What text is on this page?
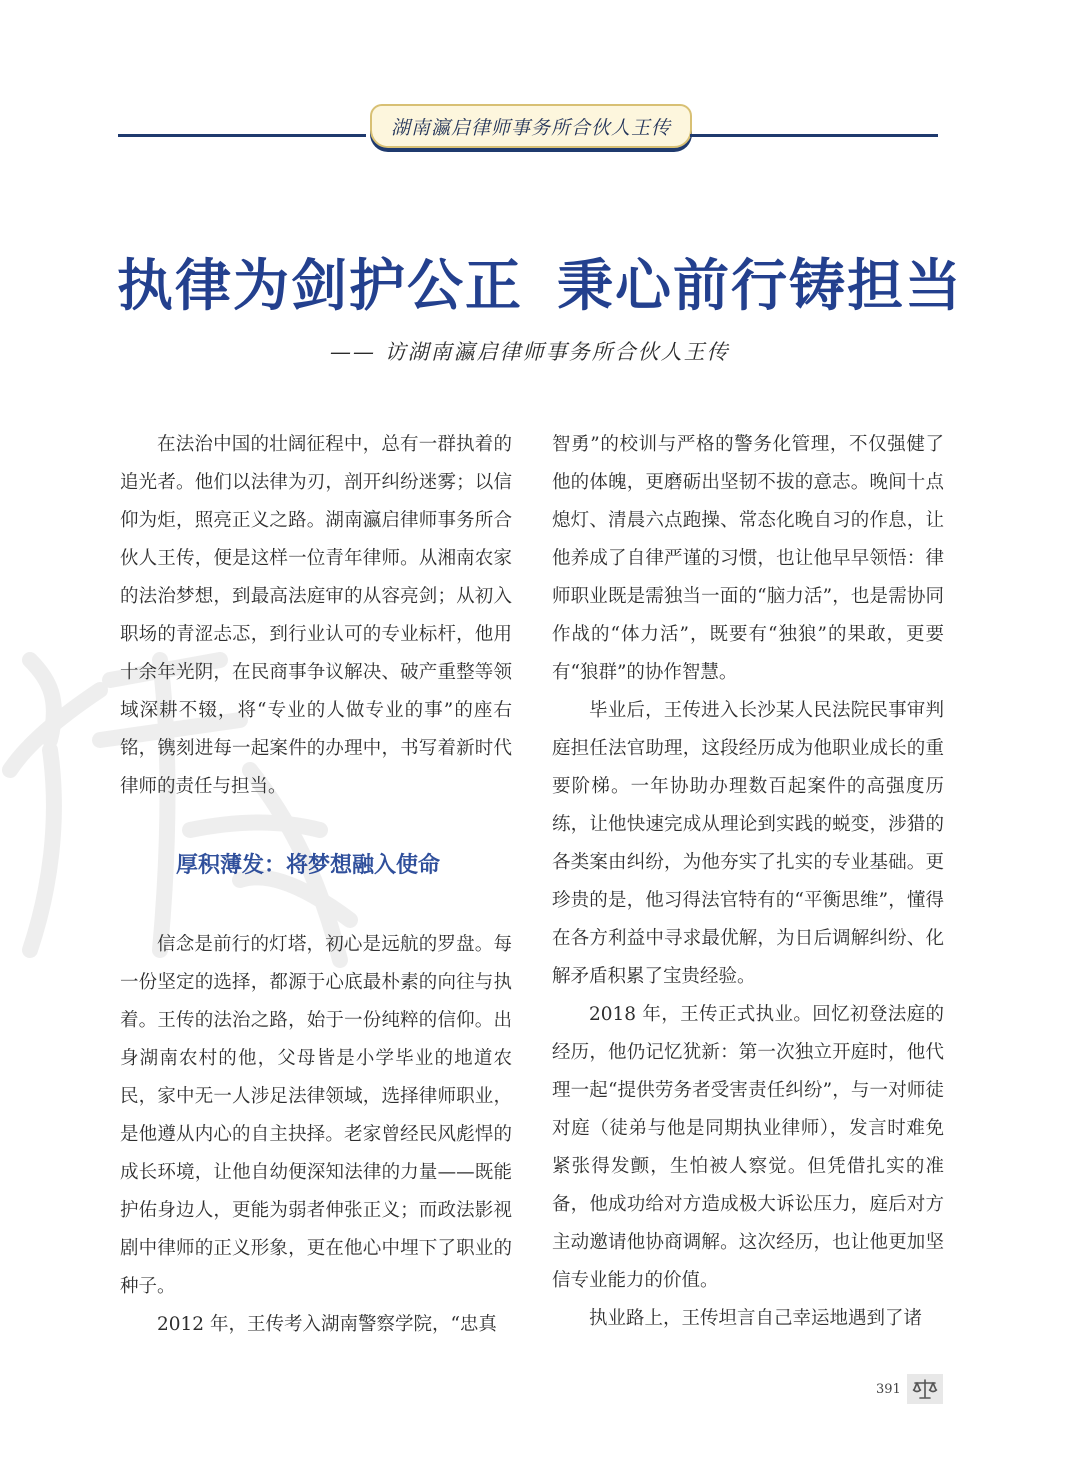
湖南瀛启律师事务所合伙人王传
执律为剑护公正 秉心前行铸担当
—— 访湖南瀛启律师事务所合伙人王传

在法治中国的壮阔征程中，总有一群执着的追光者。他们以法律为刃，剖开纠纷迷雾；以信仰为炬，照亮正义之路。湖南瀛启律师事务所合伙人王传，便是这样一位青年律师。从湘南农家的法治梦想，到最高法庭审的从容亮剑；从初入职场的青涩忐忑，到行业认可的专业标杆，他用十余年光阴，在民商事争议解决、破产重整等领域深耕不辍，将“专业的人做专业的事”的座右铭，镌刻进每一起案件的办理中，书写着新时代律师的责任与担当。

厚积薄发：将梦想融入使命

信念是前行的灯塔，初心是远航的罗盘。每一份坚定的选择，都源于心底最朴素的向往与执着。王传的法治之路，始于一份纯粹的信仰。出身湖南农村的他，父母皆是小学毕业的地道农民，家中无一人涉足法律领域，选择律师职业，是他遵从内心的自主抉择。老家曾经民风彪悍的成长环境，让他自幼便深知法律的力量——既能护佑身边人，更能为弱者伸张正义；而政法影视剧中律师的正义形象，更在他心中埋下了职业的种子。

2012 年，王传考入湖南警察学院，“忠真

智勇”的校训与严格的警务化管理，不仅强健了他的体魄，更磨砺出坚韧不拔的意志。晚间十点熄灯、清晨六点跑操、常态化晚自习的作息，让他养成了自律严谨的习惯，也让他早早领悟：律师职业既是需独当一面的“脑力活”，也是需协同作战的“体力活”，既要有“独狼”的果敢，更要有“狼群”的协作智慧。

毕业后，王传进入长沙某人民法院民事审判庭担任法官助理，这段经历成为他职业成长的重要阶梯。一年协助办理数百起案件的高强度历练，让他快速完成从理论到实践的蜕变，涉猎的各类案由纠纷，为他夯实了扎实的专业基础。更珍贵的是，他习得法官特有的“平衡思维”，懂得在各方利益中寻求最优解，为日后调解纠纷、化解矛盾积累了宝贵经验。

2018 年，王传正式执业。回忆初登法庭的经历，他仍记忆犹新：第一次独立开庭时，他代理一起“提供劳务者受害责任纠纷”，与一对师徒对庭（徒弟与他是同期执业律师），发言时难免紧张得发颤，生怕被人察觉。但凭借扎实的准备，他成功给对方造成极大诉讼压力，庭后对方主动邀请他协商调解。这次经历，也让他更加坚信专业能力的价值。

执业路上，王传坦言自己幸运地遇到了诸

391
